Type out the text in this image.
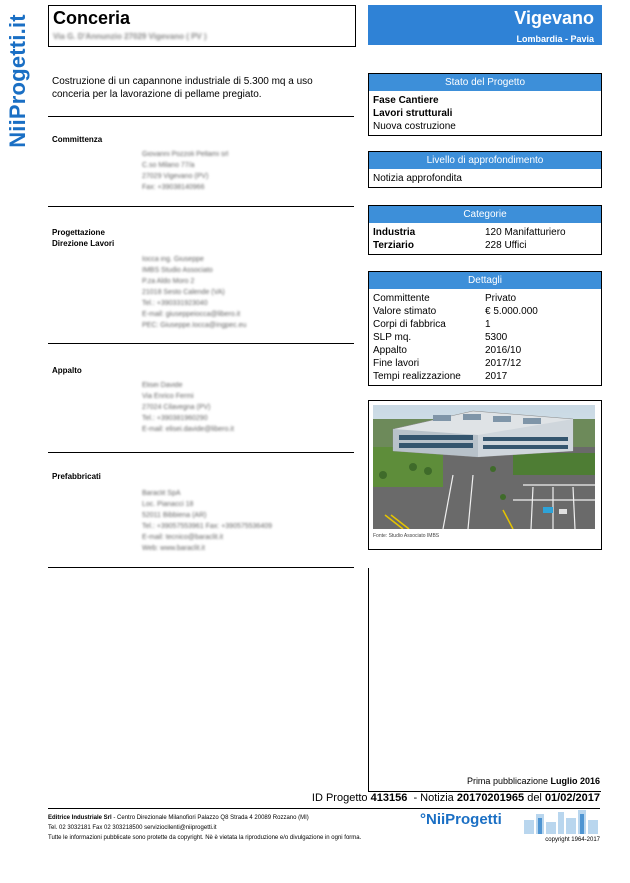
NiiProgetti.it Conceria
Via G. D'Annunzio 27029 Vigevano ( PV )
Vigevano
Lombardia - Pavia
Costruzione di un capannone industriale di 5.300 mq a uso conceria per la lavorazione di pellame pregiato.
Committenza
Giovanni Pozzoli Pellami srl
C.so Milano 77/a
27029 Vigevano (PV)
Fax: +39038140966
Progettazione
Direzione Lavori
Iocca ing. Giuseppe
IMBS Studio Associato
P.za Aldo Moro 2
21018 Sesto Calende (VA)
Tel.: +390331923040
E-mail: giuseppeiocca@libero.it
PEC: Giuseppe.Iocca@ingpec.eu
Appalto
Elisei Davide
Via Enrico Fermi
27024 Cilavegna (PV)
Tel.: +390381960290
E-mail: elisei.davide@libero.it
Prefabbricati
Baraclit SpA
Loc. Pianacci 18
52011 Bibbiena (AR)
Tel.: +39057553961 Fax: +390575536409
E-mail: tecnico@baraclit.it
Web: www.baraclit.it
Stato del Progetto
Fase Cantiere
Lavori strutturali
Nuova costruzione
Livello di approfondimento
Notizia approfondita
Categorie
Industria	120 Manifatturiero
Terziario	228 Uffici
Dettagli
Committente	Privato
Valore stimato	€ 5.000.000
Corpi di fabbrica	1
SLP mq.	5300
Appalto	2016/10
Fine lavori	2017/12
Tempi realizzazione	2017
Fonte: Studio Associato IMBS
Prima pubblicazione Luglio 2016
ID Progetto 413156  - Notizia 20170201965 del 01/02/2017
Editrice Industriale Srl - Centro Direzionale Milanofiori Palazzo Q8 Strada 4 20089 Rozzano (MI)
Tel. 02 3032181 Fax 02 303218500 serviziocllenti@niiprogetti.it
Tutte le informazioni pubblicate sono protette da copyright. Nè è vietata la riproduzione e/o divulgazione in ogni forma.
°NiiProgetti
copyright 1964-2017
